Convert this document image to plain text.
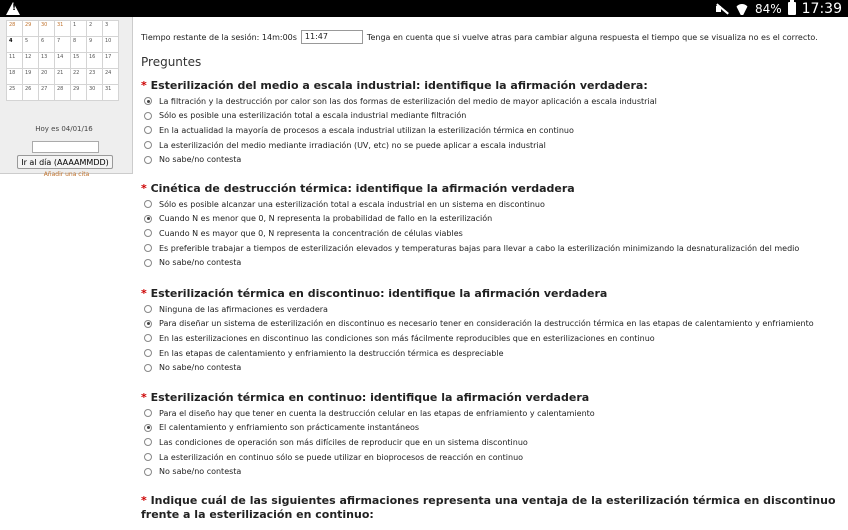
!	84% 17:39
28	29	30	31	1	2	3
4	5	6	7	8	9	10
11	12	13	14	15	16	17
18	19	20	21	22	23	24
25	26	27	28	29	30	31
Hoy es 04/01/16
Ir al día (AAAAMMDD)
Añadir una cita
Tiempo restante de la sesión: 14m:00s	11:47	Tenga en cuenta que si vuelve atras para cambiar alguna respuesta el tiempo que se visualiza no es el correcto.
Preguntes
* Esterilización del medio a escala industrial: identifique la afirmación verdadera:
La filtración y la destrucción por calor son las dos formas de esterilización del medio de mayor aplicación a escala industrial
Sólo es posible una esterilización total a escala industrial mediante filtración
En la actualidad la mayoría de procesos a escala industrial utilizan la esterilización térmica en continuo
La esterilización del medio mediante irradiación (UV, etc) no se puede aplicar a escala industrial
No sabe/no contesta
* Cinética de destrucción térmica: identifique la afirmación verdadera
Sólo es posible alcanzar una esterilización total a escala industrial en un sistema en discontinuo
Cuando N es menor que 0, N representa la probabilidad de fallo en la esterilización
Cuando N es mayor que 0, N representa la concentración de células viables
Es preferible trabajar a tiempos de esterilización elevados y temperaturas bajas para llevar a cabo la esterilización minimizando la desnaturalización del medio
No sabe/no contesta
* Esterilización térmica en discontinuo: identifique la afirmación verdadera
Ninguna de las afirmaciones es verdadera
Para diseñar un sistema de esterilización en discontinuo es necesario tener en consideración la destrucción térmica en las etapas de calentamiento y enfriamiento
En las esterilizaciones en discontinuo las condiciones son más fácilmente reproducibles que en esterilizaciones en continuo
En las etapas de calentamiento y enfriamiento la destrucción térmica es despreciable
No sabe/no contesta
* Esterilización térmica en continuo: identifique la afirmación verdadera
Para el diseño hay que tener en cuenta la destrucción celular en las etapas de enfriamiento y calentamiento
El calentamiento y enfriamiento son prácticamente instantáneos
Las condiciones de operación son más difíciles de reproducir que en un sistema discontinuo
La esterilización en continuo sólo se puede utilizar en bioprocesos de reacción en continuo
No sabe/no contesta
* Indique cuál de las siguientes afirmaciones representa una ventaja de la esterilización térmica en discontinuo frente a la esterilización en continuo:
